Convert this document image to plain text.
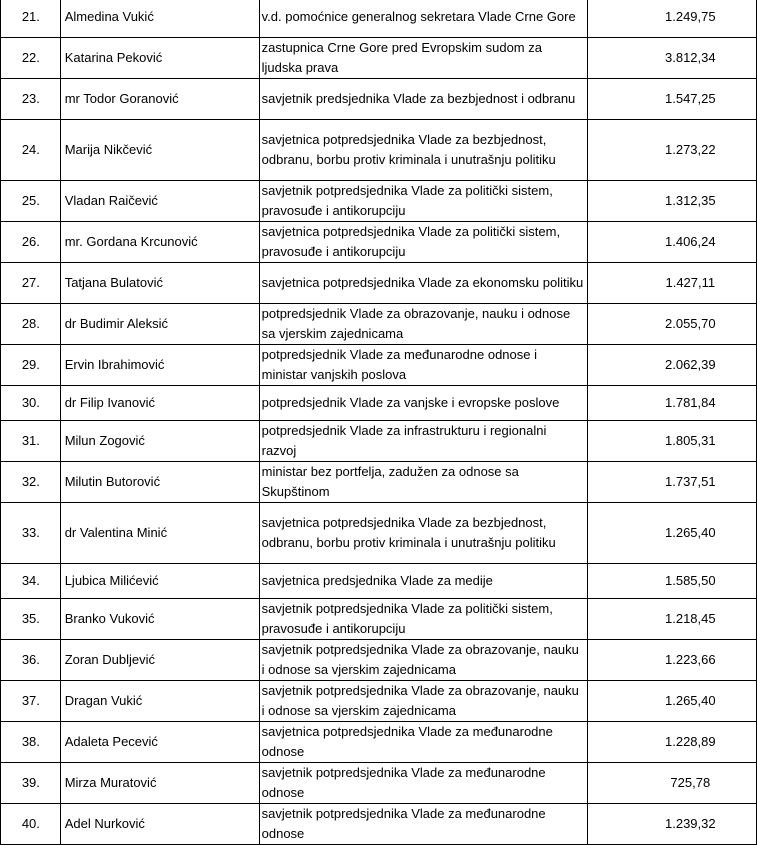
21.	Almedina Vukić	v.d. pomoćnice generalnog sekretara Vlade Crne Gore	1.249,75
22.	Katarina Peković	zastupnica Crne Gore pred Evropskim sudom za ljudska prava	3.812,34
23.	mr Todor Goranović	savjetnik predsjednika Vlade za bezbjednost i odbranu	1.547,25
24.	Marija Nikčević	savjetnica potpredsjednika Vlade za bezbjednost, odbranu, borbu protiv kriminala i unutrašnju politiku	1.273,22
25.	Vladan Raičević	savjetnik potpredsjednika Vlade za politički sistem, pravosuđe i antikorupciju	1.312,35
26.	mr. Gordana Krcunović	savjetnica potpredsjednika Vlade za politički sistem, pravosuđe i antikorupciju	1.406,24
27.	Tatjana Bulatović	savjetnica potpredsjednika Vlade za ekonomsku politiku	1.427,11
28.	dr Budimir Aleksić	potpredsjednik Vlade za obrazovanje, nauku i odnose sa vjerskim zajednicama	2.055,70
29.	Ervin Ibrahimović	potpredsjednik Vlade za međunarodne odnose i ministar vanjskih poslova	2.062,39
30.	dr Filip Ivanović	potpredsjednik Vlade za vanjske i evropske poslove	1.781,84
31.	Milun Zogović	potpredsjednik Vlade za infrastrukturu i regionalni razvoj	1.805,31
32.	Milutin Butorović	ministar bez portfelja, zadužen za odnose sa Skupštinom	1.737,51
33.	dr Valentina Minić	savjetnica potpredsjednika Vlade za bezbjednost, odbranu, borbu protiv kriminala i unutrašnju politiku	1.265,40
34.	Ljubica Milićević	savjetnica predsjednika Vlade za medije	1.585,50
35.	Branko Vuković	savjetnik potpredsjednika Vlade za politički sistem, pravosuđe i antikorupciju	1.218,45
36.	Zoran Dubljević	savjetnik potpredsjednika Vlade za obrazovanje, nauku i odnose sa vjerskim zajednicama	1.223,66
37.	Dragan Vukić	savjetnik potpredsjednika Vlade za obrazovanje, nauku i odnose sa vjerskim zajednicama	1.265,40
38.	Adaleta Pecević	savjetnica potpredsjednika Vlade za međunarodne odnose	1.228,89
39.	Mirza Muratović	savjetnik potpredsjednika Vlade za međunarodne odnose	725,78
40.	Adel Nurković	savjetnik potpredsjednika Vlade za međunarodne odnose	1.239,32
